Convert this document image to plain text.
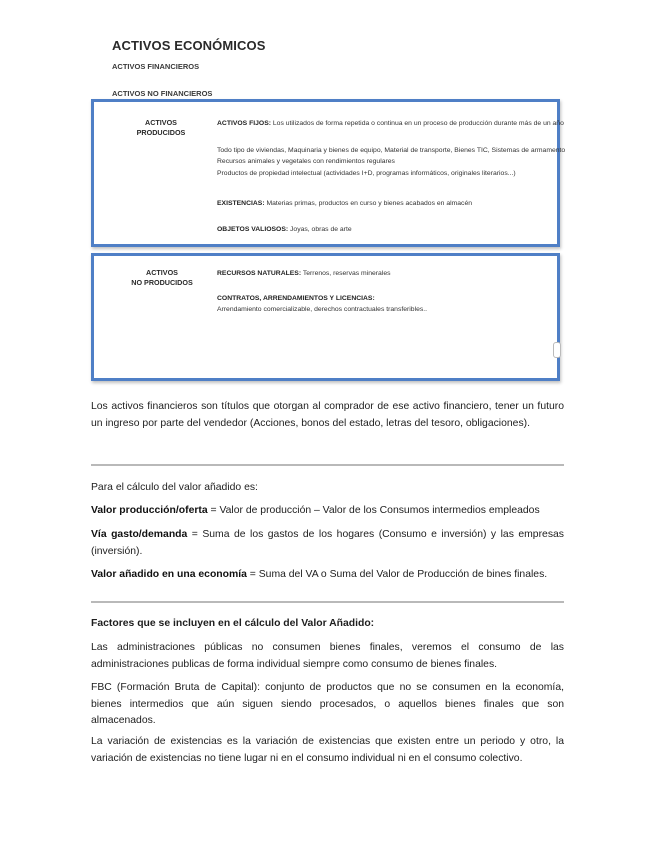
ACTIVOS ECONÓMICOS
ACTIVOS FINANCIEROS
ACTIVOS NO FINANCIEROS
ACTIVOS
PRODUCIDOS
ACTIVOS FIJOS: Los utilizados de forma repetida o continua en un proceso de producción durante más de un año
Todo tipo de viviendas, Maquinaria y bienes de equipo, Material de transporte, Bienes TIC, Sistemas de armamento
Recursos animales y vegetales con rendimientos regulares
Productos de propiedad intelectual (actividades I+D, programas informáticos, originales literarios...)
EXISTENCIAS: Materias primas, productos en curso y bienes acabados en almacén
OBJETOS VALIOSOS: Joyas, obras de arte
ACTIVOS
NO PRODUCIDOS
RECURSOS NATURALES: Terrenos, reservas minerales
CONTRATOS, ARRENDAMIENTOS Y LICENCIAS:
Arrendamiento comercializable, derechos contractuales transferibles..
Los activos financieros son títulos que otorgan al comprador de ese activo financiero, tener un futuro un ingreso por parte del vendedor (Acciones, bonos del estado, letras del tesoro, obligaciones).
Para el cálculo del valor añadido es:
Valor producción/oferta = Valor de producción – Valor de los Consumos intermedios empleados
Vía gasto/demanda = Suma de los gastos de los hogares (Consumo e inversión) y las empresas (inversión).
Valor añadido en una economía = Suma del VA o Suma del Valor de Producción de bines finales.
Factores que se incluyen en el cálculo del Valor Añadido:
Las administraciones públicas no consumen bienes finales, veremos el consumo de las administraciones publicas de forma individual siempre como consumo de bienes finales.
FBC (Formación Bruta de Capital): conjunto de productos que no se consumen en la economía, bienes intermedios que aún siguen siendo procesados, o aquellos bienes finales que son almacenados.
La variación de existencias es la variación de existencias que existen entre un periodo y otro, la variación de existencias no tiene lugar ni en el consumo individual ni en el consumo colectivo.
